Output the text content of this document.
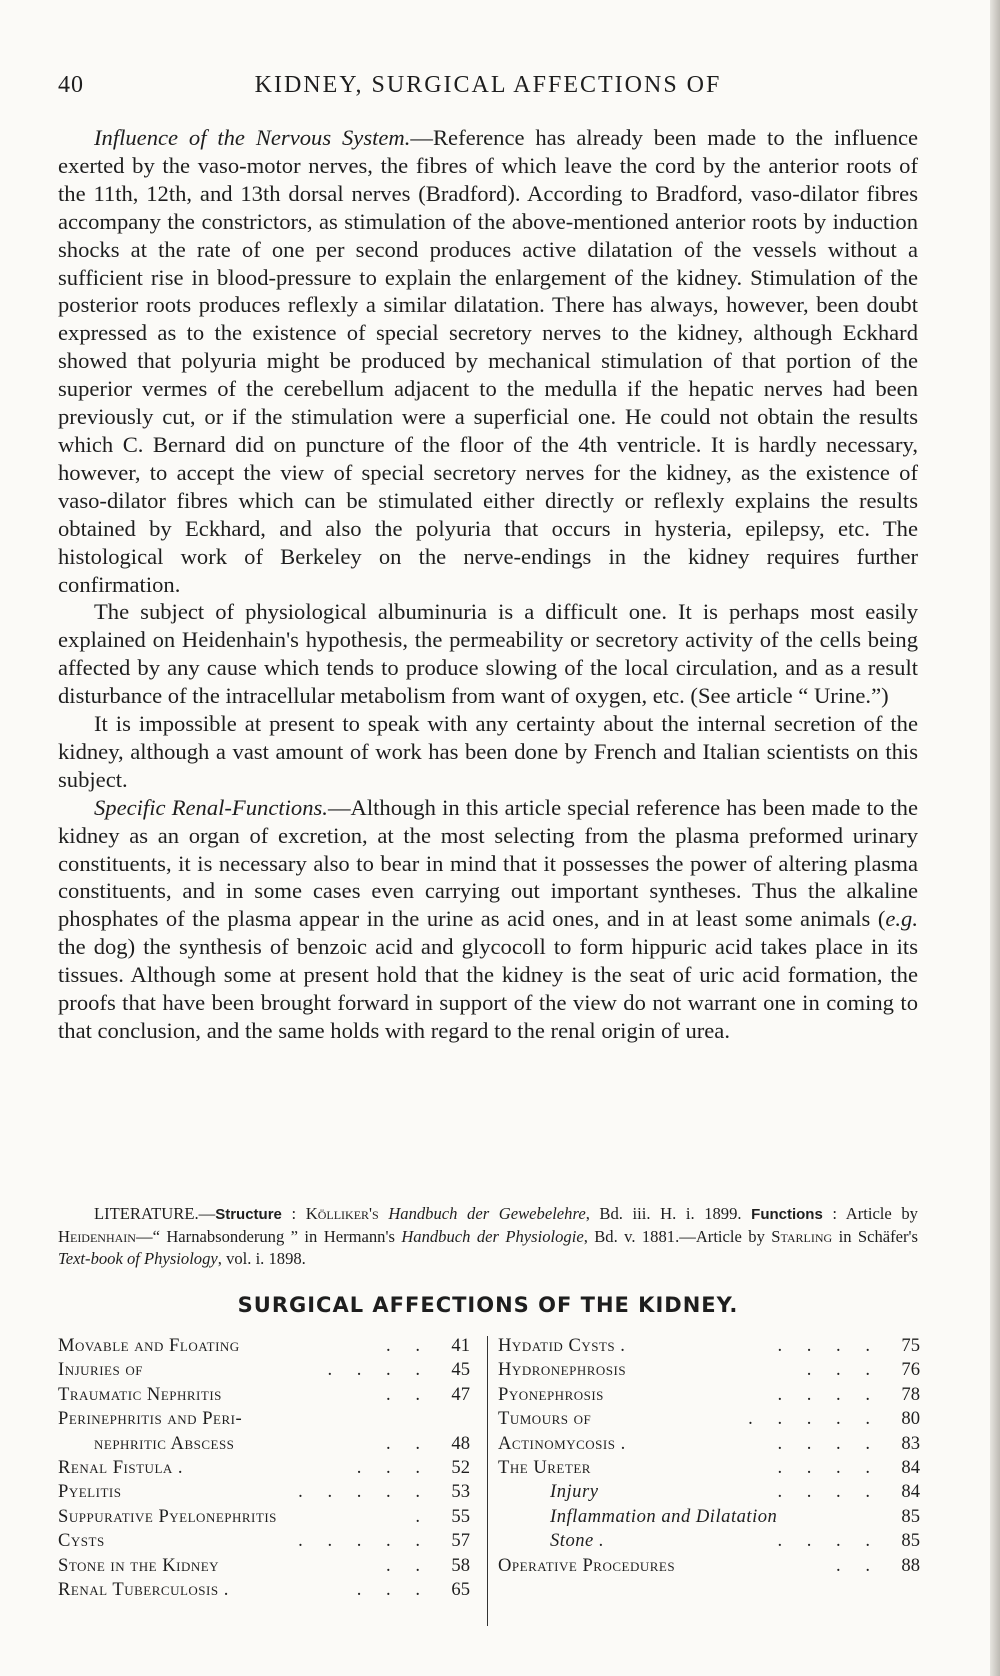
40	KIDNEY, SURGICAL AFFECTIONS OF

Influence of the Nervous System.—Reference has already been made to the influence exerted by the vaso-motor nerves, the fibres of which leave the cord by the anterior roots of the 11th, 12th, and 13th dorsal nerves (Bradford). According to Bradford, vaso-dilator fibres accompany the constrictors, as stimulation of the above-mentioned anterior roots by induction shocks at the rate of one per second produces active dilatation of the vessels without a sufficient rise in blood-pressure to explain the enlargement of the kidney. Stimulation of the posterior roots produces reflexly a similar dilatation. There has always, however, been doubt expressed as to the existence of special secretory nerves to the kidney, although Eckhard showed that polyuria might be produced by mechanical stimulation of that portion of the superior vermes of the cerebellum adjacent to the medulla if the hepatic nerves had been previously cut, or if the stimulation were a superficial one. He could not obtain the results which C. Bernard did on puncture of the floor of the 4th ventricle. It is hardly necessary, however, to accept the view of special secretory nerves for the kidney, as the existence of vaso-dilator fibres which can be stimulated either directly or reflexly explains the results obtained by Eckhard, and also the polyuria that occurs in hysteria, epilepsy, etc. The histological work of Berkeley on the nerve-endings in the kidney requires further confirmation.

The subject of physiological albuminuria is a difficult one. It is perhaps most easily explained on Heidenhain's hypothesis, the permeability or secretory activity of the cells being affected by any cause which tends to produce slowing of the local circulation, and as a result disturbance of the intracellular metabolism from want of oxygen, etc. (See article “ Urine.”)

It is impossible at present to speak with any certainty about the internal secretion of the kidney, although a vast amount of work has been done by French and Italian scientists on this subject.

Specific Renal-Functions.—Although in this article special reference has been made to the kidney as an organ of excretion, at the most selecting from the plasma preformed urinary constituents, it is necessary also to bear in mind that it possesses the power of altering plasma constituents, and in some cases even carrying out important syntheses. Thus the alkaline phosphates of the plasma appear in the urine as acid ones, and in at least some animals (e.g. the dog) the synthesis of benzoic acid and glycocoll to form hippuric acid takes place in its tissues. Although some at present hold that the kidney is the seat of uric acid formation, the proofs that have been brought forward in support of the view do not warrant one in coming to that conclusion, and the same holds with regard to the renal origin of urea.

LITERATURE.—Structure : Kölliker's Handbuch der Gewebelehre, Bd. iii. H. i. 1899. Functions : Article by Heidenhain—“ Harnabsonderung ” in Hermann's Handbuch der Physiologie, Bd. v. 1881.—Article by Starling in Schäfer's Text-book of Physiology, vol. i. 1898.
SURGICAL AFFECTIONS OF THE KIDNEY.
Movable and Floating	. .	41
Injuries of	. . . .	45
Traumatic Nephritis	. .	47
Perinephritis and Peri-
nephritic Abscess	. .	48
Renal Fistula .	. . .	52
Pyelitis	. . . . .	53
Suppurative Pyelonephritis	.	55
Cysts	. . . . .	57
Stone in the Kidney	. .	58
Renal Tuberculosis .	. . .	65
Hydatid Cysts .	. . . .	75
Hydronephrosis	. . .	76
Pyonephrosis	. . . .	78
Tumours of	. . . . .	80
Actinomycosis .	. . . .	83
The Ureter	. . . .	84
Injury	. . . .	84
Inflammation and Dilatation	85
Stone .	. . . .	85
Operative Procedures	. .	88
